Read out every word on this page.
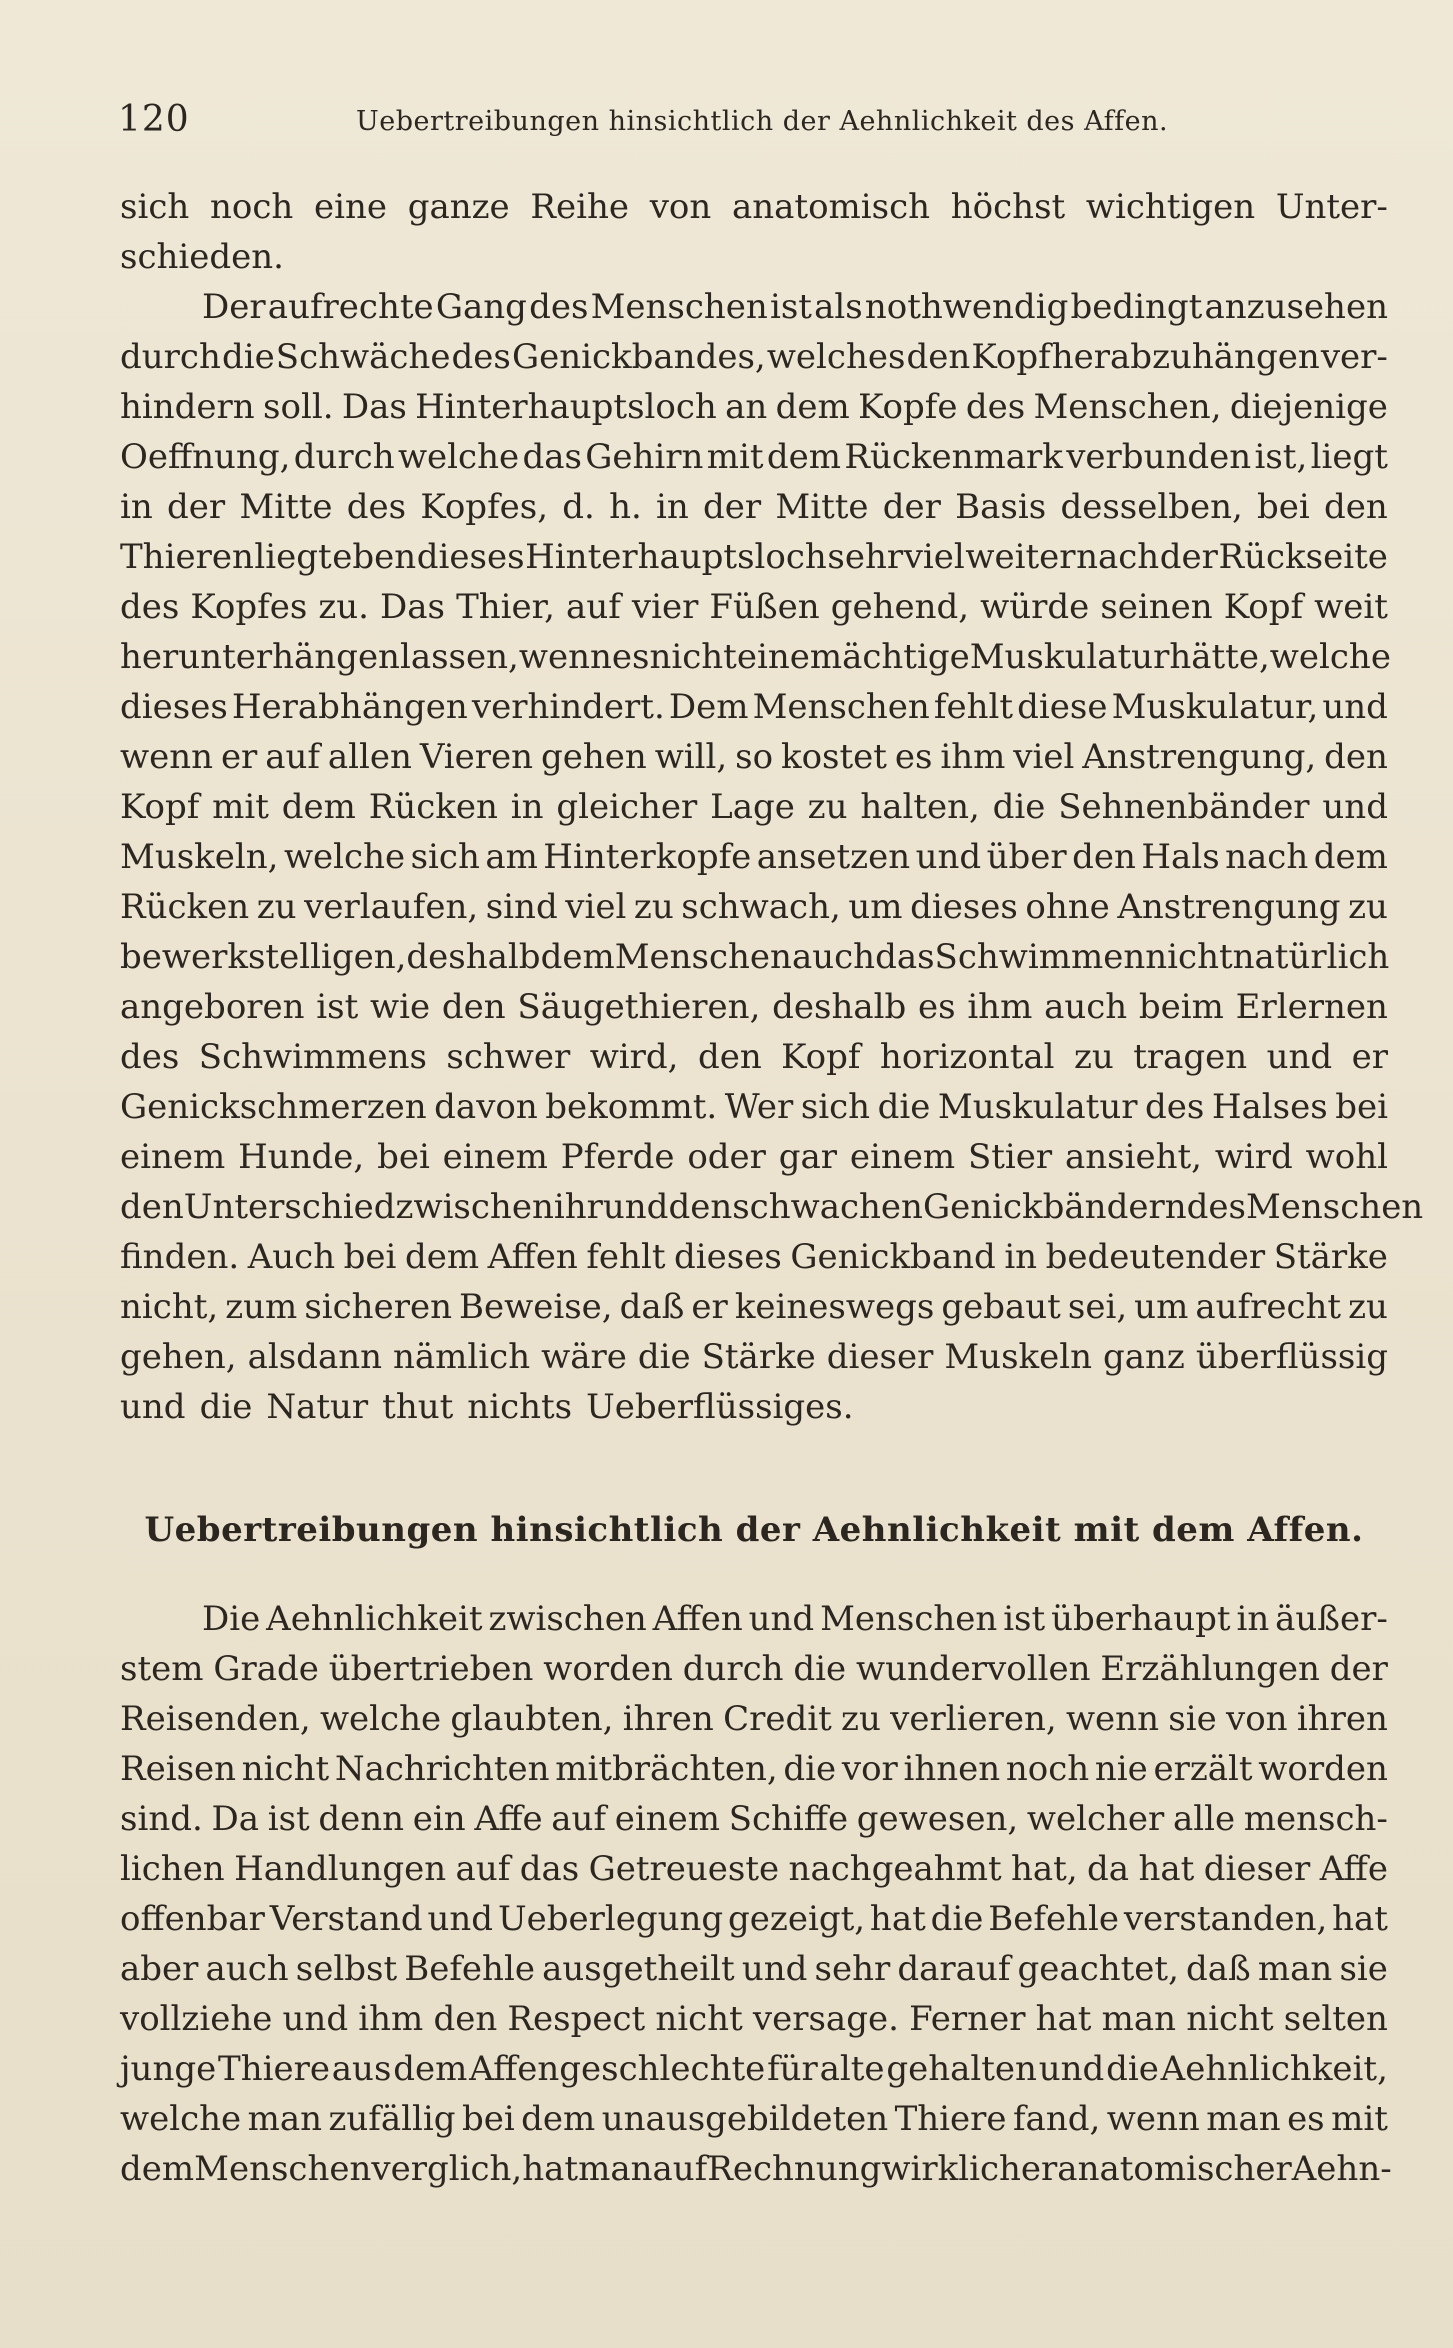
120	Uebertreibungen hinsichtlich der Aehnlichkeit des Affen.
sich noch eine ganze Reihe von anatomisch höchst wichtigen Unter-
schieden.
Der aufrechte Gang des Menschen ist als nothwendig bedingt anzusehen
durch die Schwäche des Genickbandes, welches den Kopf herabzuhängen ver-
hindern soll. Das Hinterhauptsloch an dem Kopfe des Menschen, diejenige
Oeffnung, durch welche das Gehirn mit dem Rückenmark verbunden ist, liegt
in der Mitte des Kopfes, d. h. in der Mitte der Basis desselben, bei den
Thieren liegt eben dieses Hinterhauptsloch sehr viel weiter nach der Rückseite
des Kopfes zu. Das Thier, auf vier Füßen gehend, würde seinen Kopf weit
herunter hängen lassen, wenn es nicht eine mächtige Muskulatur hätte, welche
dieses Herabhängen verhindert. Dem Menschen fehlt diese Muskulatur, und
wenn er auf allen Vieren gehen will, so kostet es ihm viel Anstrengung, den
Kopf mit dem Rücken in gleicher Lage zu halten, die Sehnenbänder und
Muskeln, welche sich am Hinterkopfe ansetzen und über den Hals nach dem
Rücken zu verlaufen, sind viel zu schwach, um dieses ohne Anstrengung zu
bewerkstelligen, deshalb dem Menschen auch das Schwimmen nicht natürlich
angeboren ist wie den Säugethieren, deshalb es ihm auch beim Erlernen
des Schwimmens schwer wird, den Kopf horizontal zu tragen und er
Genickschmerzen davon bekommt. Wer sich die Muskulatur des Halses bei
einem Hunde, bei einem Pferde oder gar einem Stier ansieht, wird wohl
den Unterschied zwischen ihr und den schwachen Genickbändern des Menschen
finden. Auch bei dem Affen fehlt dieses Genickband in bedeutender Stärke
nicht, zum sicheren Beweise, daß er keineswegs gebaut sei, um aufrecht zu
gehen, alsdann nämlich wäre die Stärke dieser Muskeln ganz überflüssig
und die Natur thut nichts Ueberflüssiges.
Uebertreibungen hinsichtlich der Aehnlichkeit mit dem Affen.
Die Aehnlichkeit zwischen Affen und Menschen ist überhaupt in äußer-
stem Grade übertrieben worden durch die wundervollen Erzählungen der
Reisenden, welche glaubten, ihren Credit zu verlieren, wenn sie von ihren
Reisen nicht Nachrichten mitbrächten, die vor ihnen noch nie erzält worden
sind. Da ist denn ein Affe auf einem Schiffe gewesen, welcher alle mensch-
lichen Handlungen auf das Getreueste nachgeahmt hat, da hat dieser Affe
offenbar Verstand und Ueberlegung gezeigt, hat die Befehle verstanden, hat
aber auch selbst Befehle ausgetheilt und sehr darauf geachtet, daß man sie
vollziehe und ihm den Respect nicht versage. Ferner hat man nicht selten
junge Thiere aus dem Affengeschlechte für alte gehalten und die Aehnlichkeit,
welche man zufällig bei dem unausgebildeten Thiere fand, wenn man es mit
dem Menschen verglich, hat man auf Rechnung wirklicher anatomischer Aehn-
